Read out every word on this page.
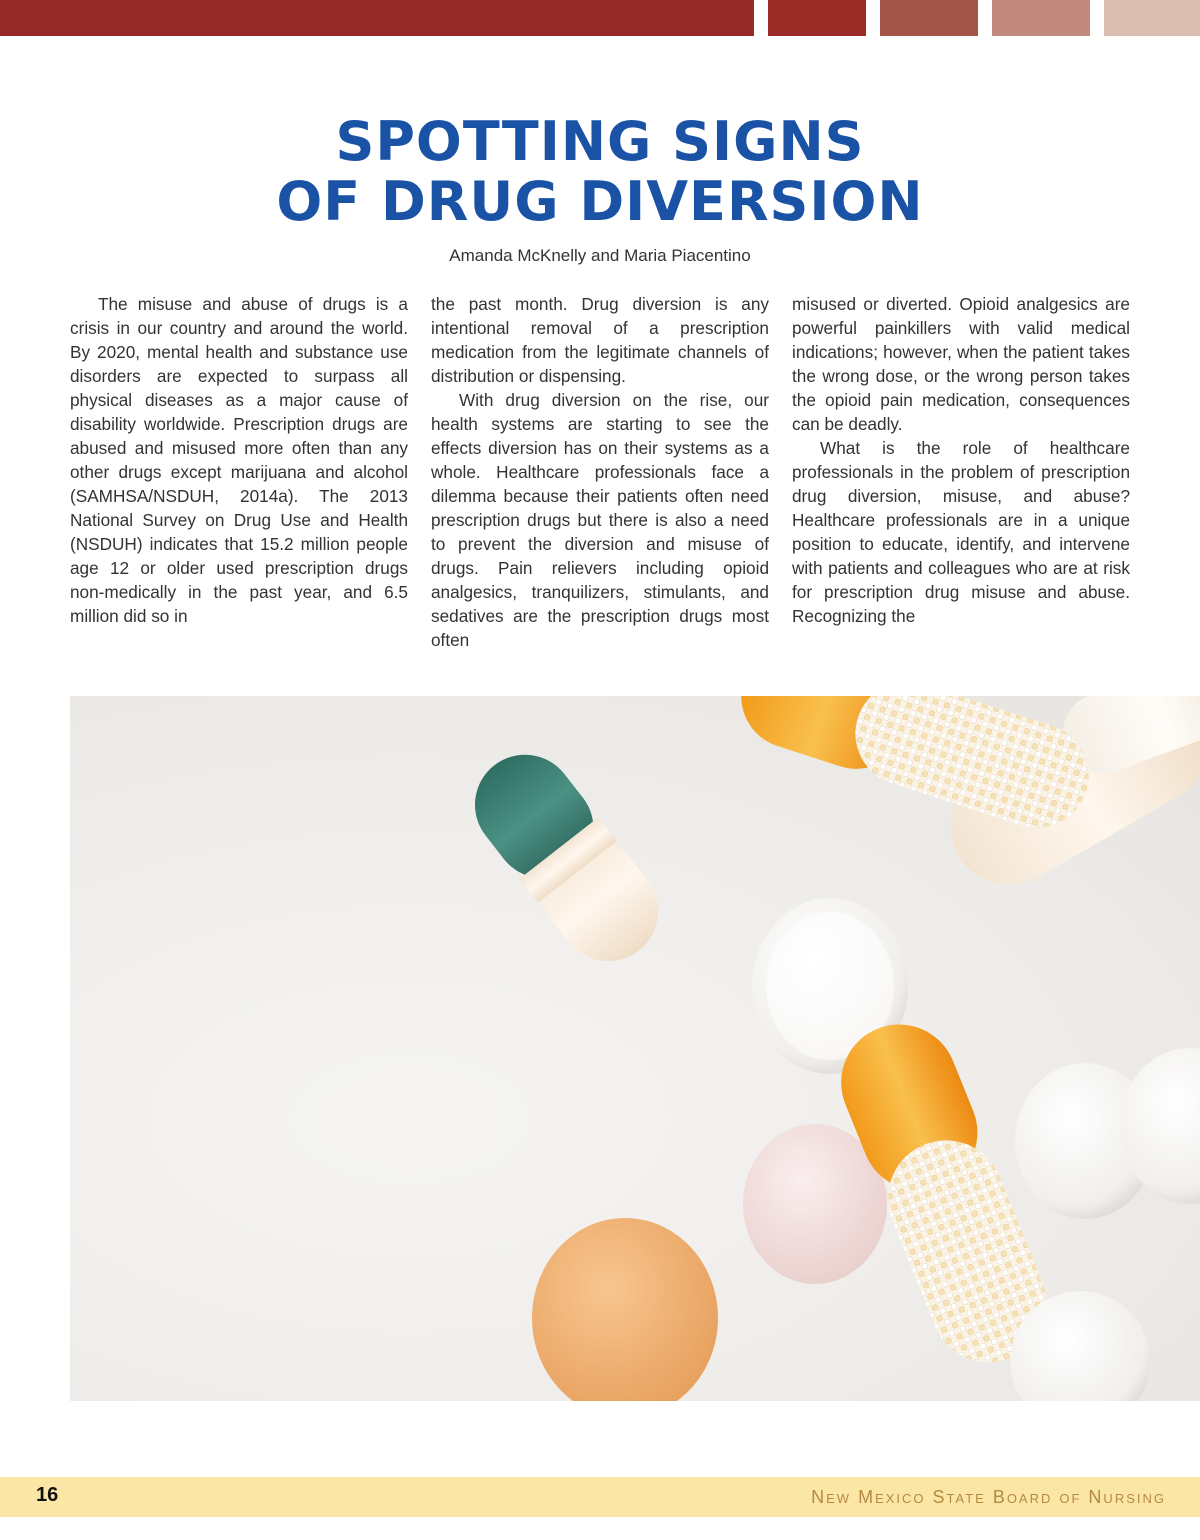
SPOTTING SIGNS
OF DRUG DIVERSION
Amanda McKnelly and Maria Piacentino

The misuse and abuse of drugs is a crisis in our country and around the world. By 2020, mental health and substance use disorders are expected to surpass all physical diseases as a major cause of disability worldwide. Prescription drugs are abused and misused more often than any other drugs except marijuana and alcohol (SAMHSA/NSDUH, 2014a). The 2013 National Survey on Drug Use and Health (NSDUH) indicates that 15.2 million people age 12 or older used prescription drugs non-medically in the past year, and 6.5 million did so in

the past month. Drug diversion is any intentional removal of a prescription medication from the legitimate channels of distribution or dispensing.

With drug diversion on the rise, our health systems are starting to see the effects diversion has on their systems as a whole. Healthcare professionals face a dilemma because their patients often need prescription drugs but there is also a need to prevent the diversion and misuse of drugs. Pain relievers including opioid analgesics, tranquilizers, stimulants, and sedatives are the prescription drugs most often

misused or diverted. Opioid analgesics are powerful painkillers with valid medical indications; however, when the patient takes the wrong dose, or the wrong person takes the opioid pain medication, consequences can be deadly.

What is the role of healthcare professionals in the problem of prescription drug diversion, misuse, and abuse? Healthcare professionals are in a unique position to educate, identify, and intervene with patients and colleagues who are at risk for prescription drug misuse and abuse. Recognizing the

16	New Mexico State Board of Nursing
